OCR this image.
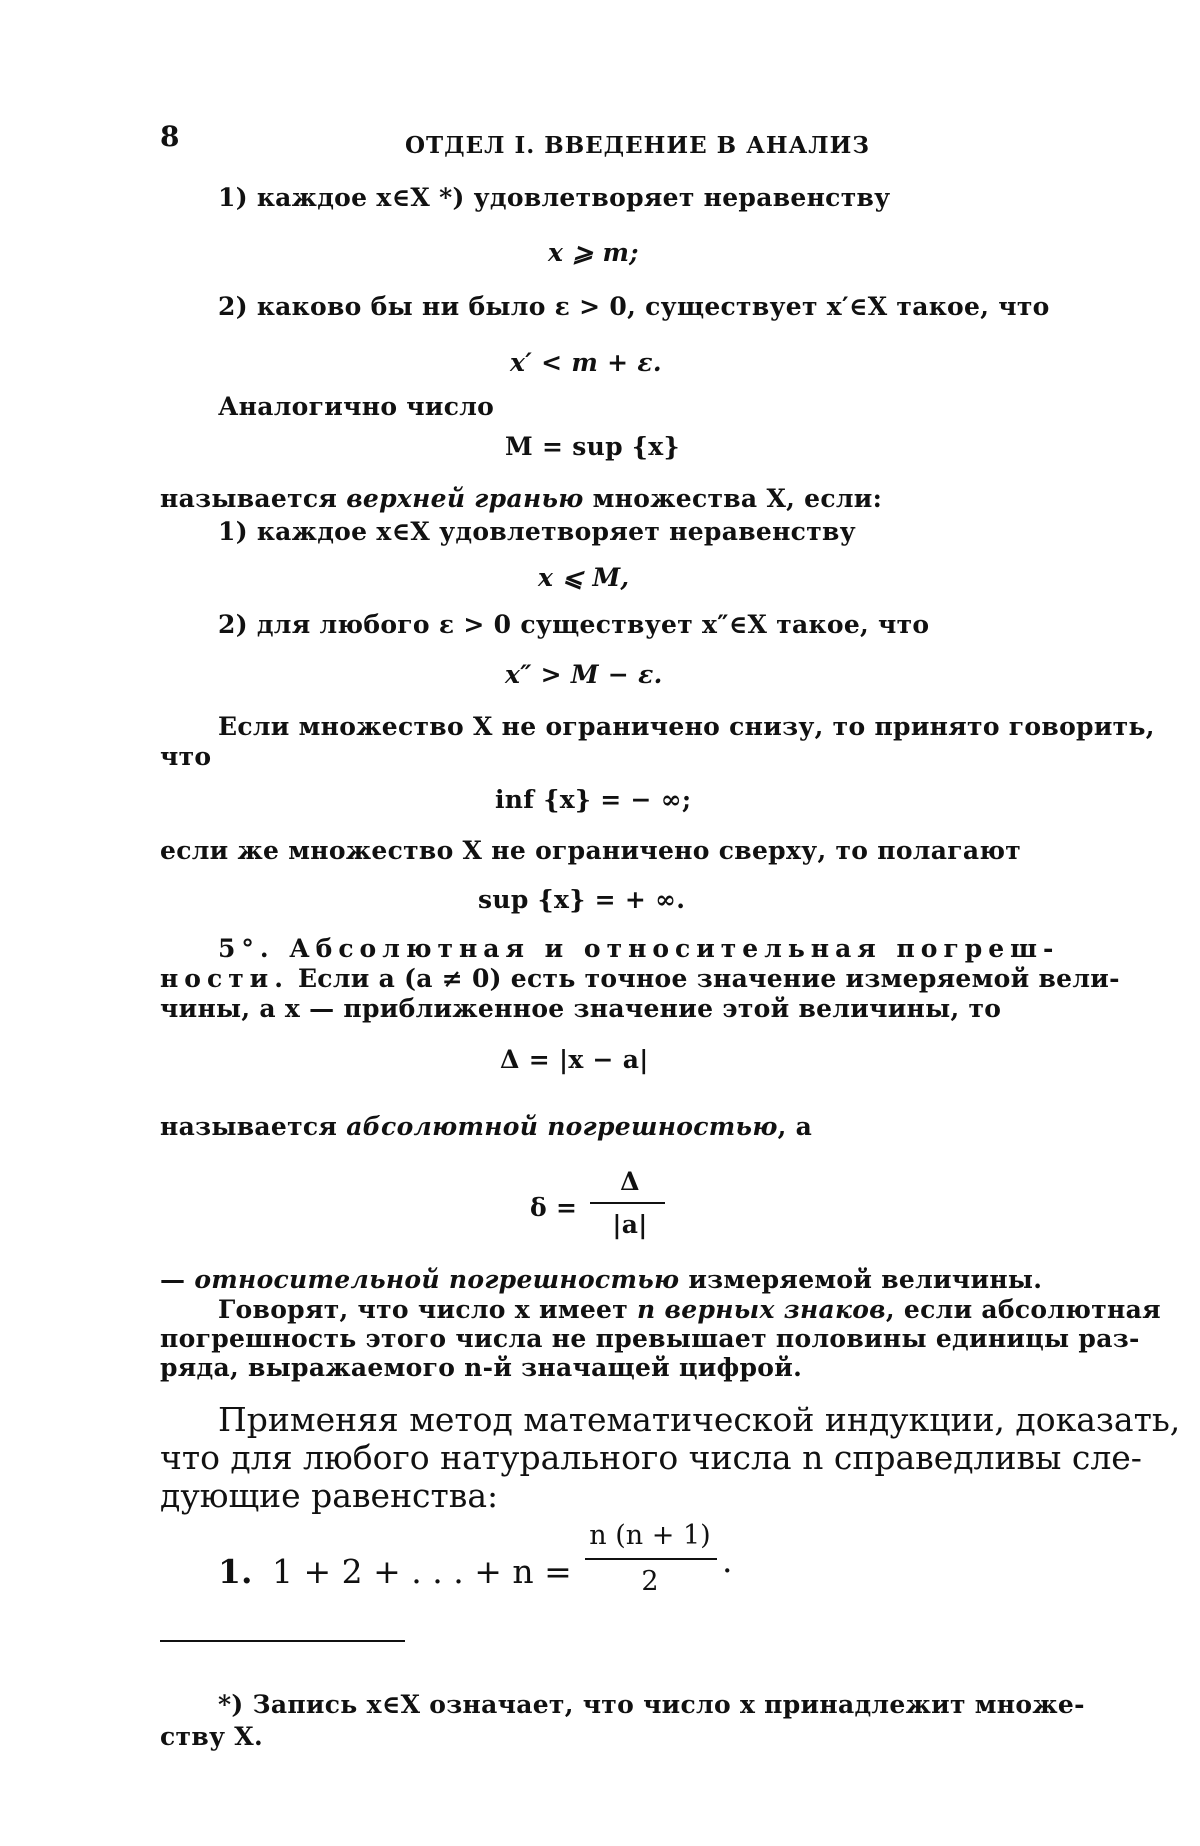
8	ОТДЕЛ I. ВВЕДЕНИЕ В АНАЛИЗ
1) каждое x∈X *) удовлетворяет неравенству
x ⩾ m;
2) каково бы ни было ε > 0, существует x′∈X такое, что
x′ < m + ε.
Аналогично число
M = sup {x}
называется верхней гранью множества X, если:
1) каждое x∈X удовлетворяет неравенству
x ⩽ M,
2) для любого ε > 0 существует x″∈X такое, что
x″ > M − ε.
Если множество X не ограничено снизу, то принято говорить,
что
inf {x} = − ∞;
если же множество X не ограничено сверху, то полагают
sup {x} = + ∞.
5°. Абсолютная и относительная погреш-
ности. Если a (a ≠ 0) есть точное значение измеряемой вели-
чины, а x — приближенное значение этой величины, то
Δ = |x − a|
называется абсолютной погрешностью, а
δ =
Δ
|a|
— относительной погрешностью измеряемой величины.
Говорят, что число x имеет n верных знаков, если абсолютная
погрешность этого числа не превышает половины единицы раз-
ряда, выражаемого n-й значащей цифрой.
Применяя метод математической индукции, доказать,
что для любого натурального числа n справедливы сле-
дующие равенства:
1. 1 + 2 + . . . + n =
n (n + 1)
2
.
*) Запись x∈X означает, что число x принадлежит множе-
ству X.
